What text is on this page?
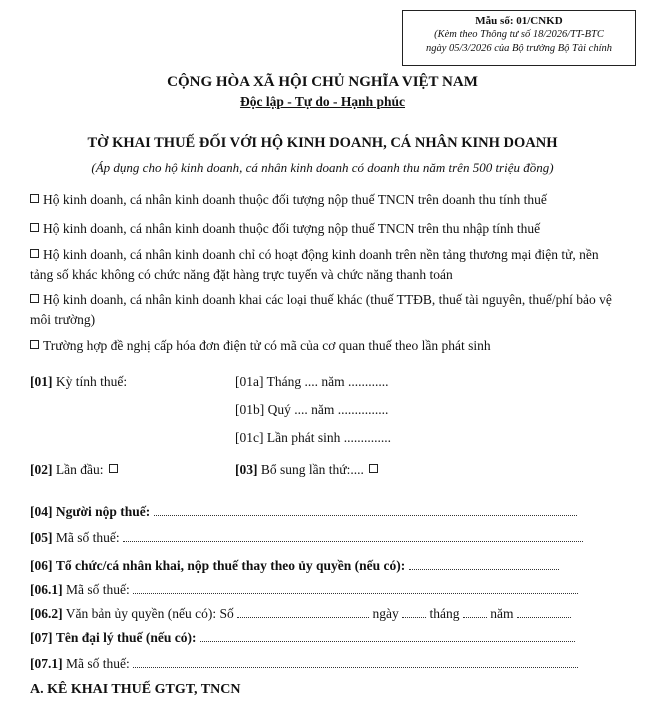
Mẫu số: 01/CNKD
(Kèm theo Thông tư số 18/2026/TT-BTC
ngày 05/3/2026 của Bộ trưởng Bộ Tài chính
CỘNG HÒA XÃ HỘI CHỦ NGHĨA VIỆT NAM
Độc lập - Tự do - Hạnh phúc
TỜ KHAI THUẾ ĐỐI VỚI HỘ KINH DOANH, CÁ NHÂN KINH DOANH
(Áp dụng cho hộ kinh doanh, cá nhân kinh doanh có doanh thu năm trên 500 triệu đồng)
Hộ kinh doanh, cá nhân kinh doanh thuộc đối tượng nộp thuế TNCN trên doanh thu tính thuế
Hộ kinh doanh, cá nhân kinh doanh thuộc đối tượng nộp thuế TNCN trên thu nhập tính thuế
Hộ kinh doanh, cá nhân kinh doanh chỉ có hoạt động kinh doanh trên nền tảng thương mại điện tử, nền tảng số khác không có chức năng đặt hàng trực tuyến và chức năng thanh toán
Hộ kinh doanh, cá nhân kinh doanh khai các loại thuế khác (thuế TTĐB, thuế tài nguyên, thuế/phí bảo vệ môi trường)
Trường hợp đề nghị cấp hóa đơn điện tử có mã của cơ quan thuế theo lần phát sinh
[01] Kỳ tính thuế:	[01a] Tháng .... năm ............
[01b] Quý .... năm ...............
[01c] Lần phát sinh ..............
[02] Lần đầu:	[03] Bổ sung lần thứ:....
[04] Người nộp thuế:
[05] Mã số thuế:
[06] Tổ chức/cá nhân khai, nộp thuế thay theo ủy quyền (nếu có):
[06.1] Mã số thuế:
[06.2] Văn bản ủy quyền (nếu có): Số	ngày tháng năm
[07] Tên đại lý thuế (nếu có):
[07.1] Mã số thuế:
A. KÊ KHAI THUẾ GTGT, TNCN
